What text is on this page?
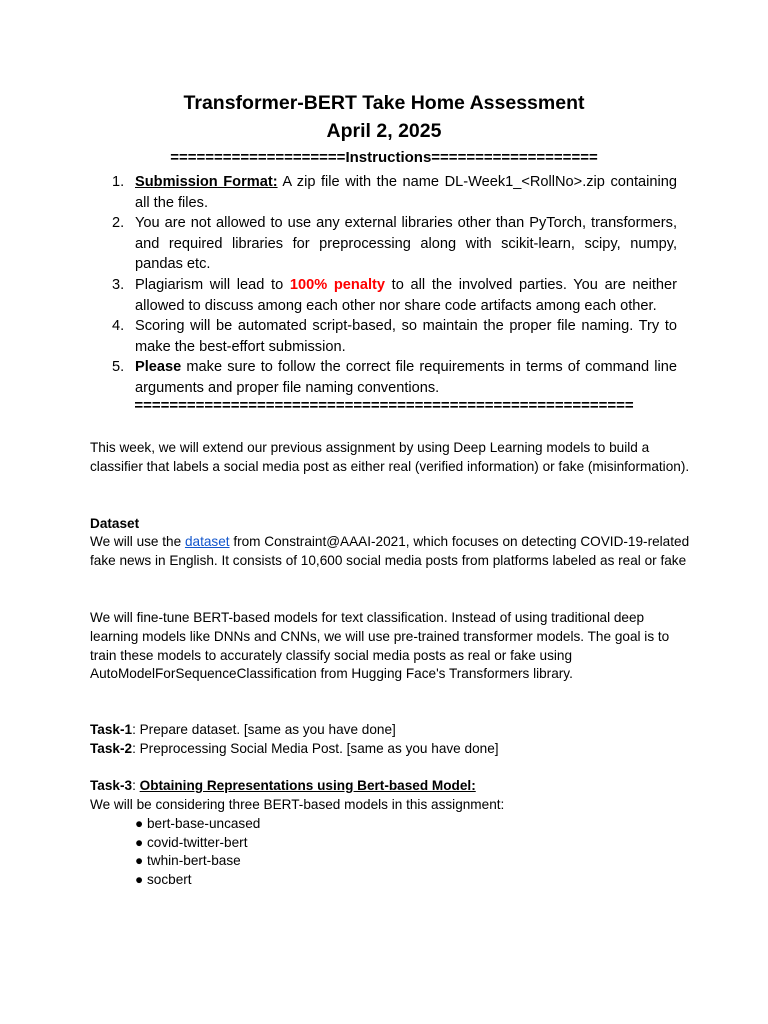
Transformer-BERT Take Home Assessment
April 2, 2025
====================Instructions===================
1. Submission Format: A zip file with the name DL-Week1_<RollNo>.zip containing all the files.
2. You are not allowed to use any external libraries other than PyTorch, transformers, and required libraries for preprocessing along with scikit-learn, scipy, numpy, pandas etc.
3. Plagiarism will lead to 100% penalty to all the involved parties. You are neither allowed to discuss among each other nor share code artifacts among each other.
4. Scoring will be automated script-based, so maintain the proper file naming. Try to make the best-effort submission.
5. Please make sure to follow the correct file requirements in terms of command line arguments and proper file naming conventions.
=========================================================
This week, we will extend our previous assignment by using Deep Learning models to build a classifier that labels a social media post as either real (verified information) or fake (misinformation).
Dataset
We will use the dataset from Constraint@AAAI-2021, which focuses on detecting COVID-19-related fake news in English. It consists of 10,600 social media posts from platforms labeled as real or fake
We will fine-tune BERT-based models for text classification. Instead of using traditional deep learning models like DNNs and CNNs, we will use pre-trained transformer models. The goal is to train these models to accurately classify social media posts as real or fake using AutoModelForSequenceClassification from Hugging Face's Transformers library.
Task-1: Prepare dataset. [same as you have done]
Task-2: Preprocessing Social Media Post. [same as you have done]
Task-3: Obtaining Representations using Bert-based Model:
We will be considering three BERT-based models in this assignment:
● bert-base-uncased
● covid-twitter-bert
● twhin-bert-base
● socbert
